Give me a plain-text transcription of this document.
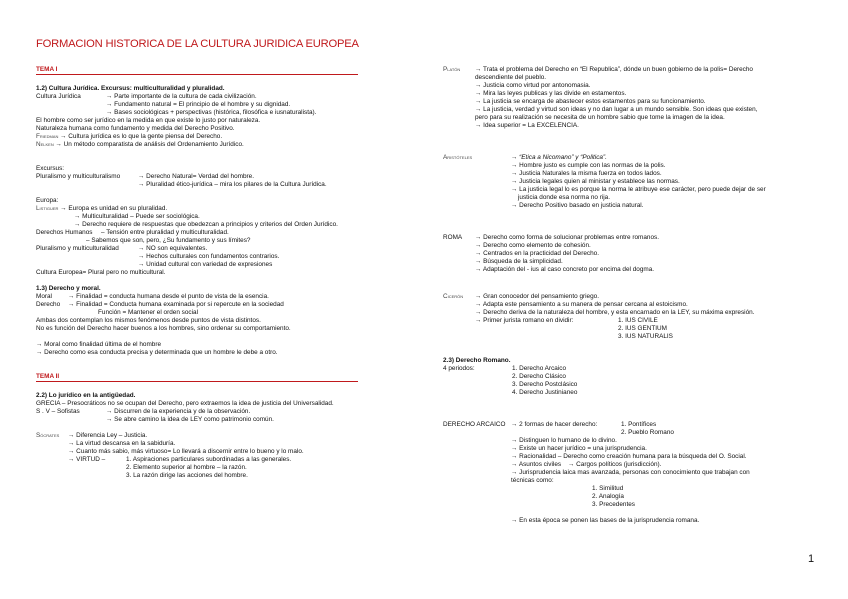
FORMACION HISTORICA DE LA CULTURA JURIDICA EUROPEA
TEMA I
1.2) Cultura Jurídica. Excursus: multiculturalidad y pluralidad.
Cultura Jurídica	→ Parte importante de la cultura de cada civilización.
→ Fundamento natural = El principio de el hombre y su dignidad.
→ Bases sociológicas + perspectivas (histórica, filosófica e iusnaturalista).
El hombre como ser jurídico en la medida en que existe lo justo por naturaleza.
Naturaleza humana como fundamento y medida del Derecho Positivo.
Friedman → Cultura jurídica es lo que la gente piensa del Derecho.
Nelken → Un método comparatista de análisis del Ordenamiento Jurídico.
Excursus:
Pluralismo y multiculturalismo	→ Derecho Natural= Verdad del hombre.
→ Pluralidad ético-jurídica – mira los pilares de la Cultura Jurídica.
Europa:
Listiguer → Europa es unidad en su pluralidad.
→ Multiculturalidad – Puede ser sociológica.
→ Derecho requiere de respuestas que obedezcan a principios y criterios del Orden Jurídico.
Derechos Humanos – Tensión entre pluralidad y multiculturalidad.
– Sabemos que son, pero, ¿Su fundamento y sus límites?
Pluralismo y multiculturalidad	→ NO son equivalentes.
→ Hechos culturales con fundamentos contrarios.
→ Unidad cultural con variedad de expresiones
Cultura Europea= Plural pero no multicultural.
1.3) Derecho y moral.
Moral	→ Finalidad = conducta humana desde el punto de vista de la esencia.
Derecho → Finalidad = Conducta humana examinada por si repercute en la sociedad
Función = Mantener el orden social
Ambas dos contemplan los mismos fenómenos desde puntos de vista distintos.
No es función del Derecho hacer buenos a los hombres, sino ordenar su comportamiento.
→ Moral como finalidad última de el hombre
→ Derecho como esa conducta precisa y determinada que un hombre le debe a otro.
TEMA II
2.2) Lo jurídico en la antigüedad.
GRECIA – Presocráticos no se ocupan del Derecho, pero extraemos la idea de justicia del Universalidad.
S . V – Sofistas	→ Discurren de la experiencia y de la observación.
→ Se abre camino la idea de LEY como patrimonio común.
Sócrates → Diferencia Ley – Justicia.
→ La virtud descansa en la sabiduría.
→ Cuanto más sabio, más virtuoso= Lo llevará a discernir entre lo bueno y lo malo.
→ VIRTUD –	1. Aspiraciones particulares subordinadas a las generales.
2. Elemento superior al hombre – la razón.
3. La razón dirige las acciones del hombre.
Platón → Trata el problema del Derecho en “El Republica”, dónde un buen gobierno de la polis= Derecho
descendiente del pueblo.
→ Justicia como virtud por antonomasia.
→ Mira las leyes publicas y las divide en estamentos.
→ La justicia se encarga de abastecer estos estamentos para su funcionamiento.
→ La justicia, verdad y virtud son ideas y no dan lugar a un mundo sensible. Son ideas que existen,
pero para su realización se necesita de un hombre sabio que tome la imagen de la idea.
→ Idea superior = La EXCELENCIA.
Aristóteles	→ “Etica a Nicomano” y “Politica”.
→ Hombre justo es cumple con las normas de la polis.
→ Justicia Naturales la misma fuerza en todos lados.
→ Justicia legales quien al ministar y establece las normas.
→ La justicia legal lo es porque la norma le atribuye ese carácter, pero puede dejar de ser
justicia donde esa norma no rija.
→ Derecho Positivo basado en justicia natural.
ROMA → Derecho como forma de solucionar problemas entre romanos.
→ Derecho como elemento de cohesión.
→ Centrados en la practicidad del Derecho.
→ Búsqueda de la simplicidad.
→ Adaptación del - ius al caso concreto por encima del dogma.
Cicerón → Gran conocedor del pensamiento griego.
→ Adapta este pensamiento a su manera de pensar cercana al estoicismo.
→ Derecho deriva de la naturaleza del hombre, y esta encarnado en la LEY, su máxima expresión.
→ Primer jurista romano en dividir:	1. IUS CIVILE
2. IUS GENTIUM
3. IUS NATURALIS
2.3) Derecho Romano.
4 periodos:	1. Derecho Arcaico
2. Derecho Clásico
3. Derecho Postclásico
4. Derecho Justinianeo
DERECHO ARCAICO → 2 formas de hacer derecho:	1. Pontífices
2. Pueblo Romano
→ Distinguen lo humano de lo divino.
→ Existe un hacer jurídico = una jurisprudencia.
→ Racionalidad – Derecho como creación humana para la búsqueda del O. Social.
→ Asuntos civiles → Cargos políticos (jurisdicción).
→ Jurisprudencia laica mas avanzada, personas con conocimiento que trabajan con
técnicas como:
1. Similitud
2. Analogía
3. Precedentes
→ En esta época se ponen las bases de la jurisprudencia romana.
1
